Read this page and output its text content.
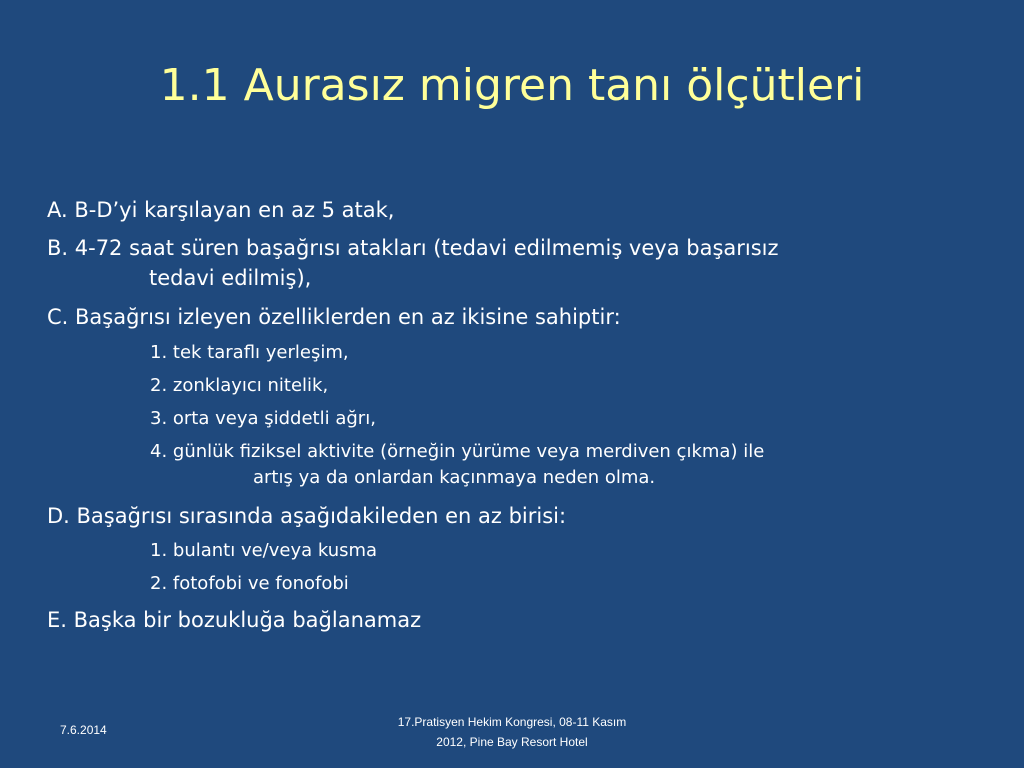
1.1 Aurasız migren tanı ölçütleri
A. B-D’yi karşılayan en az 5 atak,
B. 4-72 saat süren başağrısı atakları (tedavi edilmemiş veya başarısız
tedavi edilmiş),
C. Başağrısı izleyen özelliklerden en az ikisine sahiptir:
1. tek taraflı yerleşim,
2. zonklayıcı nitelik,
3. orta veya şiddetli ağrı,
4. günlük fiziksel aktivite (örneğin yürüme veya merdiven çıkma) ile
artış ya da onlardan kaçınmaya neden olma.
D. Başağrısı sırasında aşağıdakileden en az birisi:
1. bulantı ve/veya kusma
2. fotofobi ve fonofobi
E. Başka bir bozukluğa bağlanamaz
7.6.2014
17.Pratisyen Hekim Kongresi, 08-11 Kasım
2012, Pine Bay Resort Hotel
